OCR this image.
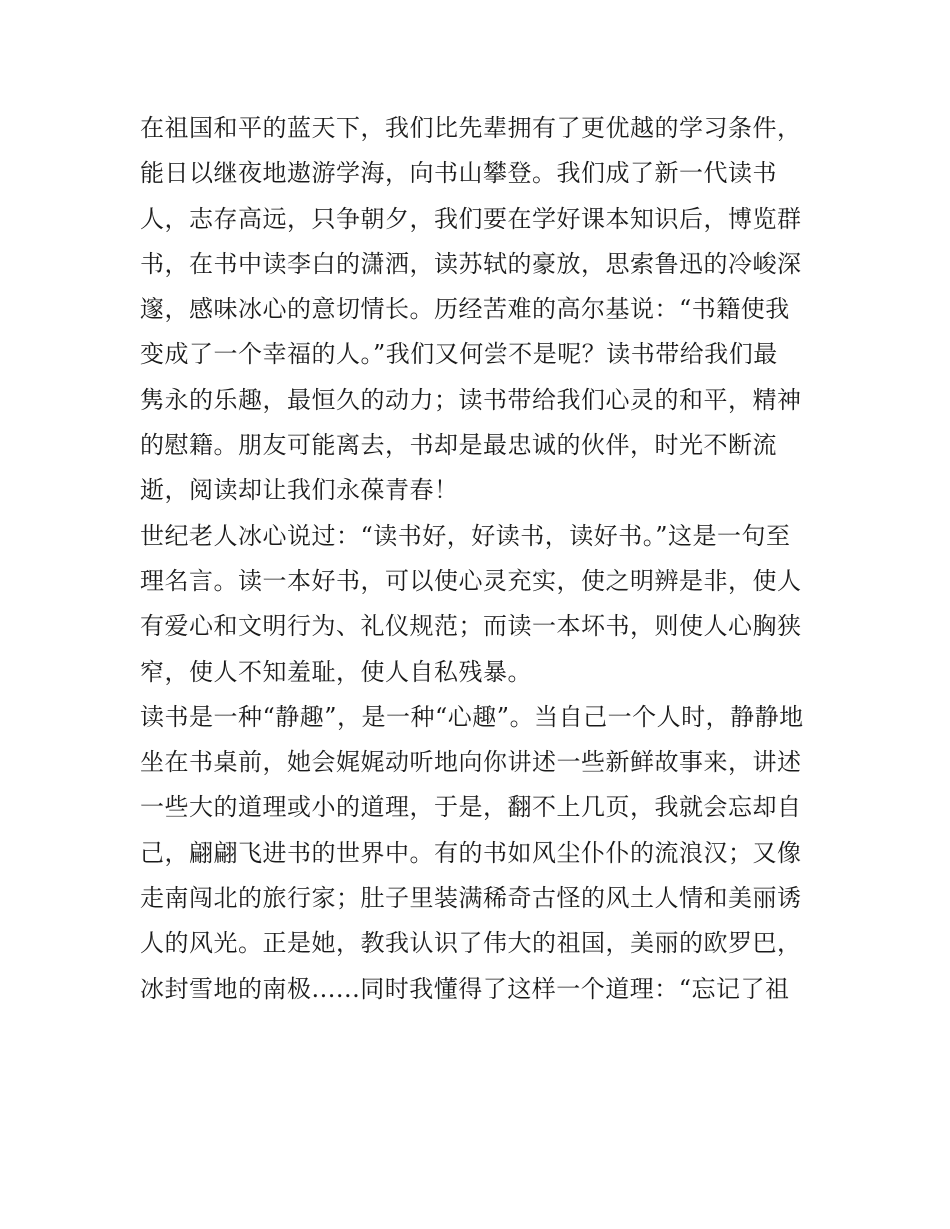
在祖国和平的蓝天下，我们比先辈拥有了更优越的学习条件，
能日以继夜地遨游学海，向书山攀登。我们成了新一代读书
人，志存高远，只争朝夕，我们要在学好课本知识后，博览群
书，在书中读李白的潇洒，读苏轼的豪放，思索鲁迅的冷峻深
邃，感味冰心的意切情长。历经苦难的高尔基说：“书籍使我
变成了一个幸福的人。”我们又何尝不是呢？读书带给我们最
隽永的乐趣，最恒久的动力；读书带给我们心灵的和平，精神
的慰籍。朋友可能离去，书却是最忠诚的伙伴，时光不断流
逝，阅读却让我们永葆青春！
世纪老人冰心说过：“读书好，好读书，读好书。”这是一句至
理名言。读一本好书，可以使心灵充实，使之明辨是非，使人
有爱心和文明行为、礼仪规范；而读一本坏书，则使人心胸狭
窄，使人不知羞耻，使人自私残暴。
读书是一种“静趣”，是一种“心趣”。当自己一个人时，静静地
坐在书桌前，她会娓娓动听地向你讲述一些新鲜故事来，讲述
一些大的道理或小的道理，于是，翻不上几页，我就会忘却自
己，翩翩飞进书的世界中。有的书如风尘仆仆的流浪汉；又像
走南闯北的旅行家；肚子里装满稀奇古怪的风土人情和美丽诱
人的风光。正是她，教我认识了伟大的祖国，美丽的欧罗巴，
冰封雪地的南极......同时我懂得了这样一个道理：“忘记了祖
